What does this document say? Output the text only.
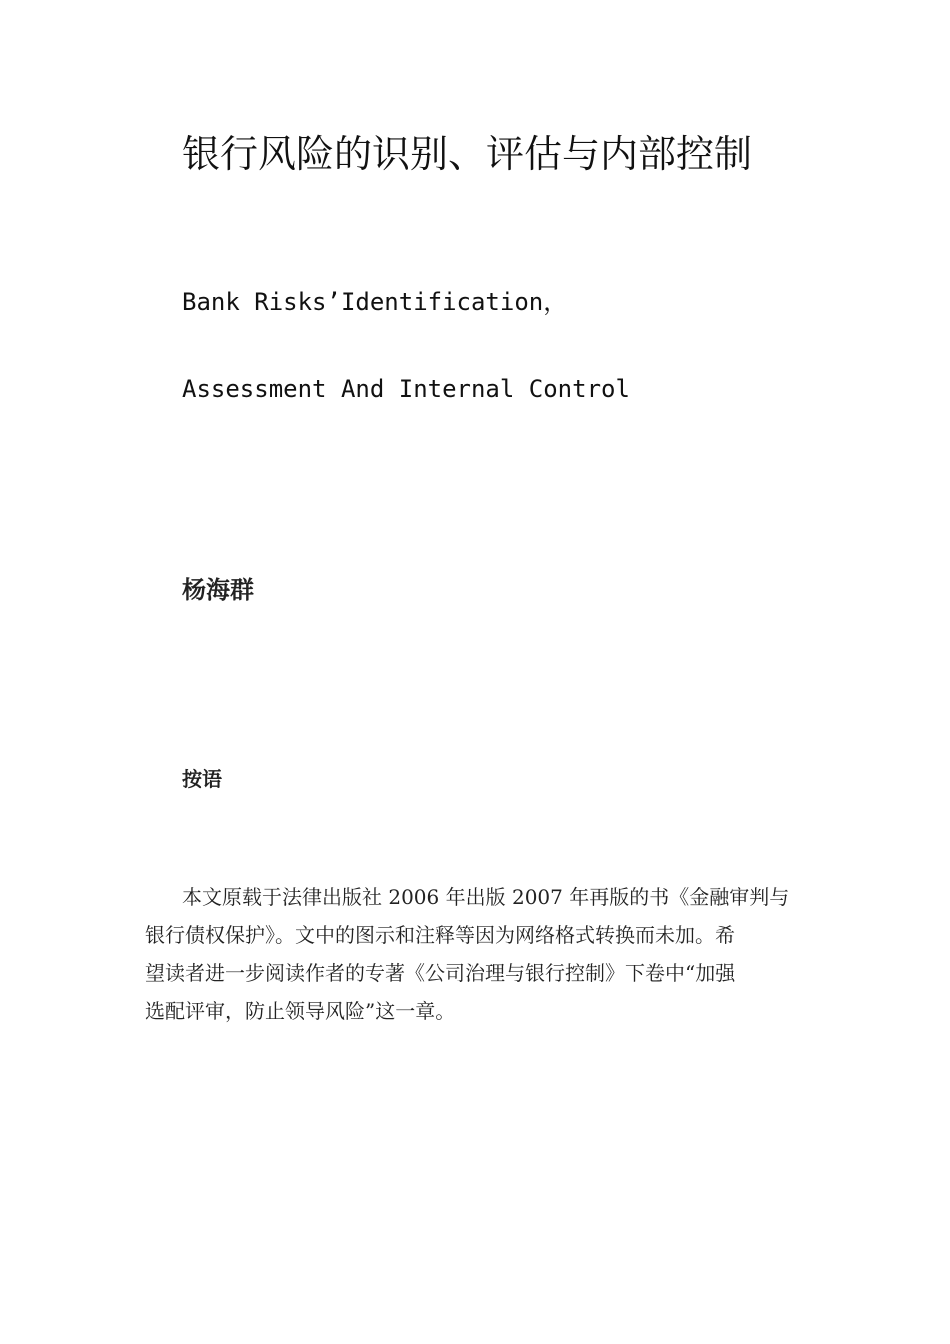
银行风险的识别、评估与内部控制
Bank Risks’Identification，
Assessment And Internal Control
杨海群
按语
本文原载于法律出版社 2006 年出版 2007 年再版的书《金融审判与
银行债权保护》。文中的图示和注释等因为网络格式转换而未加。希
望读者进一步阅读作者的专著《公司治理与银行控制》下卷中“加强
选配评审，防止领导风险”这一章。
